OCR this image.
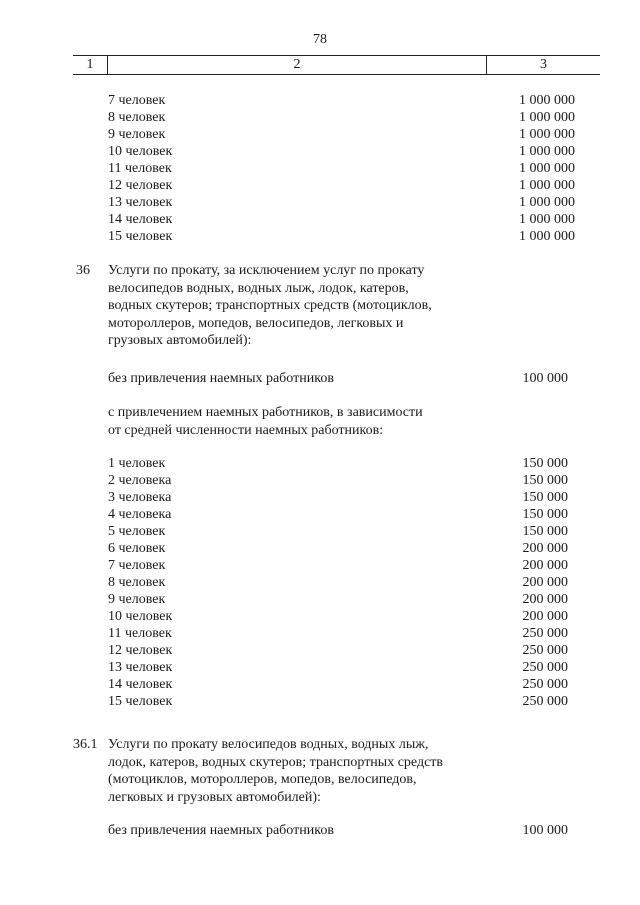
78
1	2	3
7 человек	1 000 000
8 человек	1 000 000
9 человек	1 000 000
10 человек	1 000 000
11 человек	1 000 000
12 человек	1 000 000
13 человек	1 000 000
14 человек	1 000 000
15 человек	1 000 000
36 Услуги по прокату, за исключением услуг по прокату
велосипедов водных, водных лыж, лодок, катеров,
водных скутеров; транспортных средств (мотоциклов,
мотороллеров, мопедов, велосипедов, легковых и
грузовых автомобилей):
без привлечения наемных работников	100 000
с привлечением наемных работников, в зависимости
от средней численности наемных работников:
1 человек	150 000
2 человека	150 000
3 человека	150 000
4 человека	150 000
5 человек	150 000
6 человек	200 000
7 человек	200 000
8 человек	200 000
9 человек	200 000
10 человек	200 000
11 человек	250 000
12 человек	250 000
13 человек	250 000
14 человек	250 000
15 человек	250 000
36.1 Услуги по прокату велосипедов водных, водных лыж,
лодок, катеров, водных скутеров; транспортных средств
(мотоциклов, мотороллеров, мопедов, велосипедов,
легковых и грузовых автомобилей):
без привлечения наемных работников	100 000
